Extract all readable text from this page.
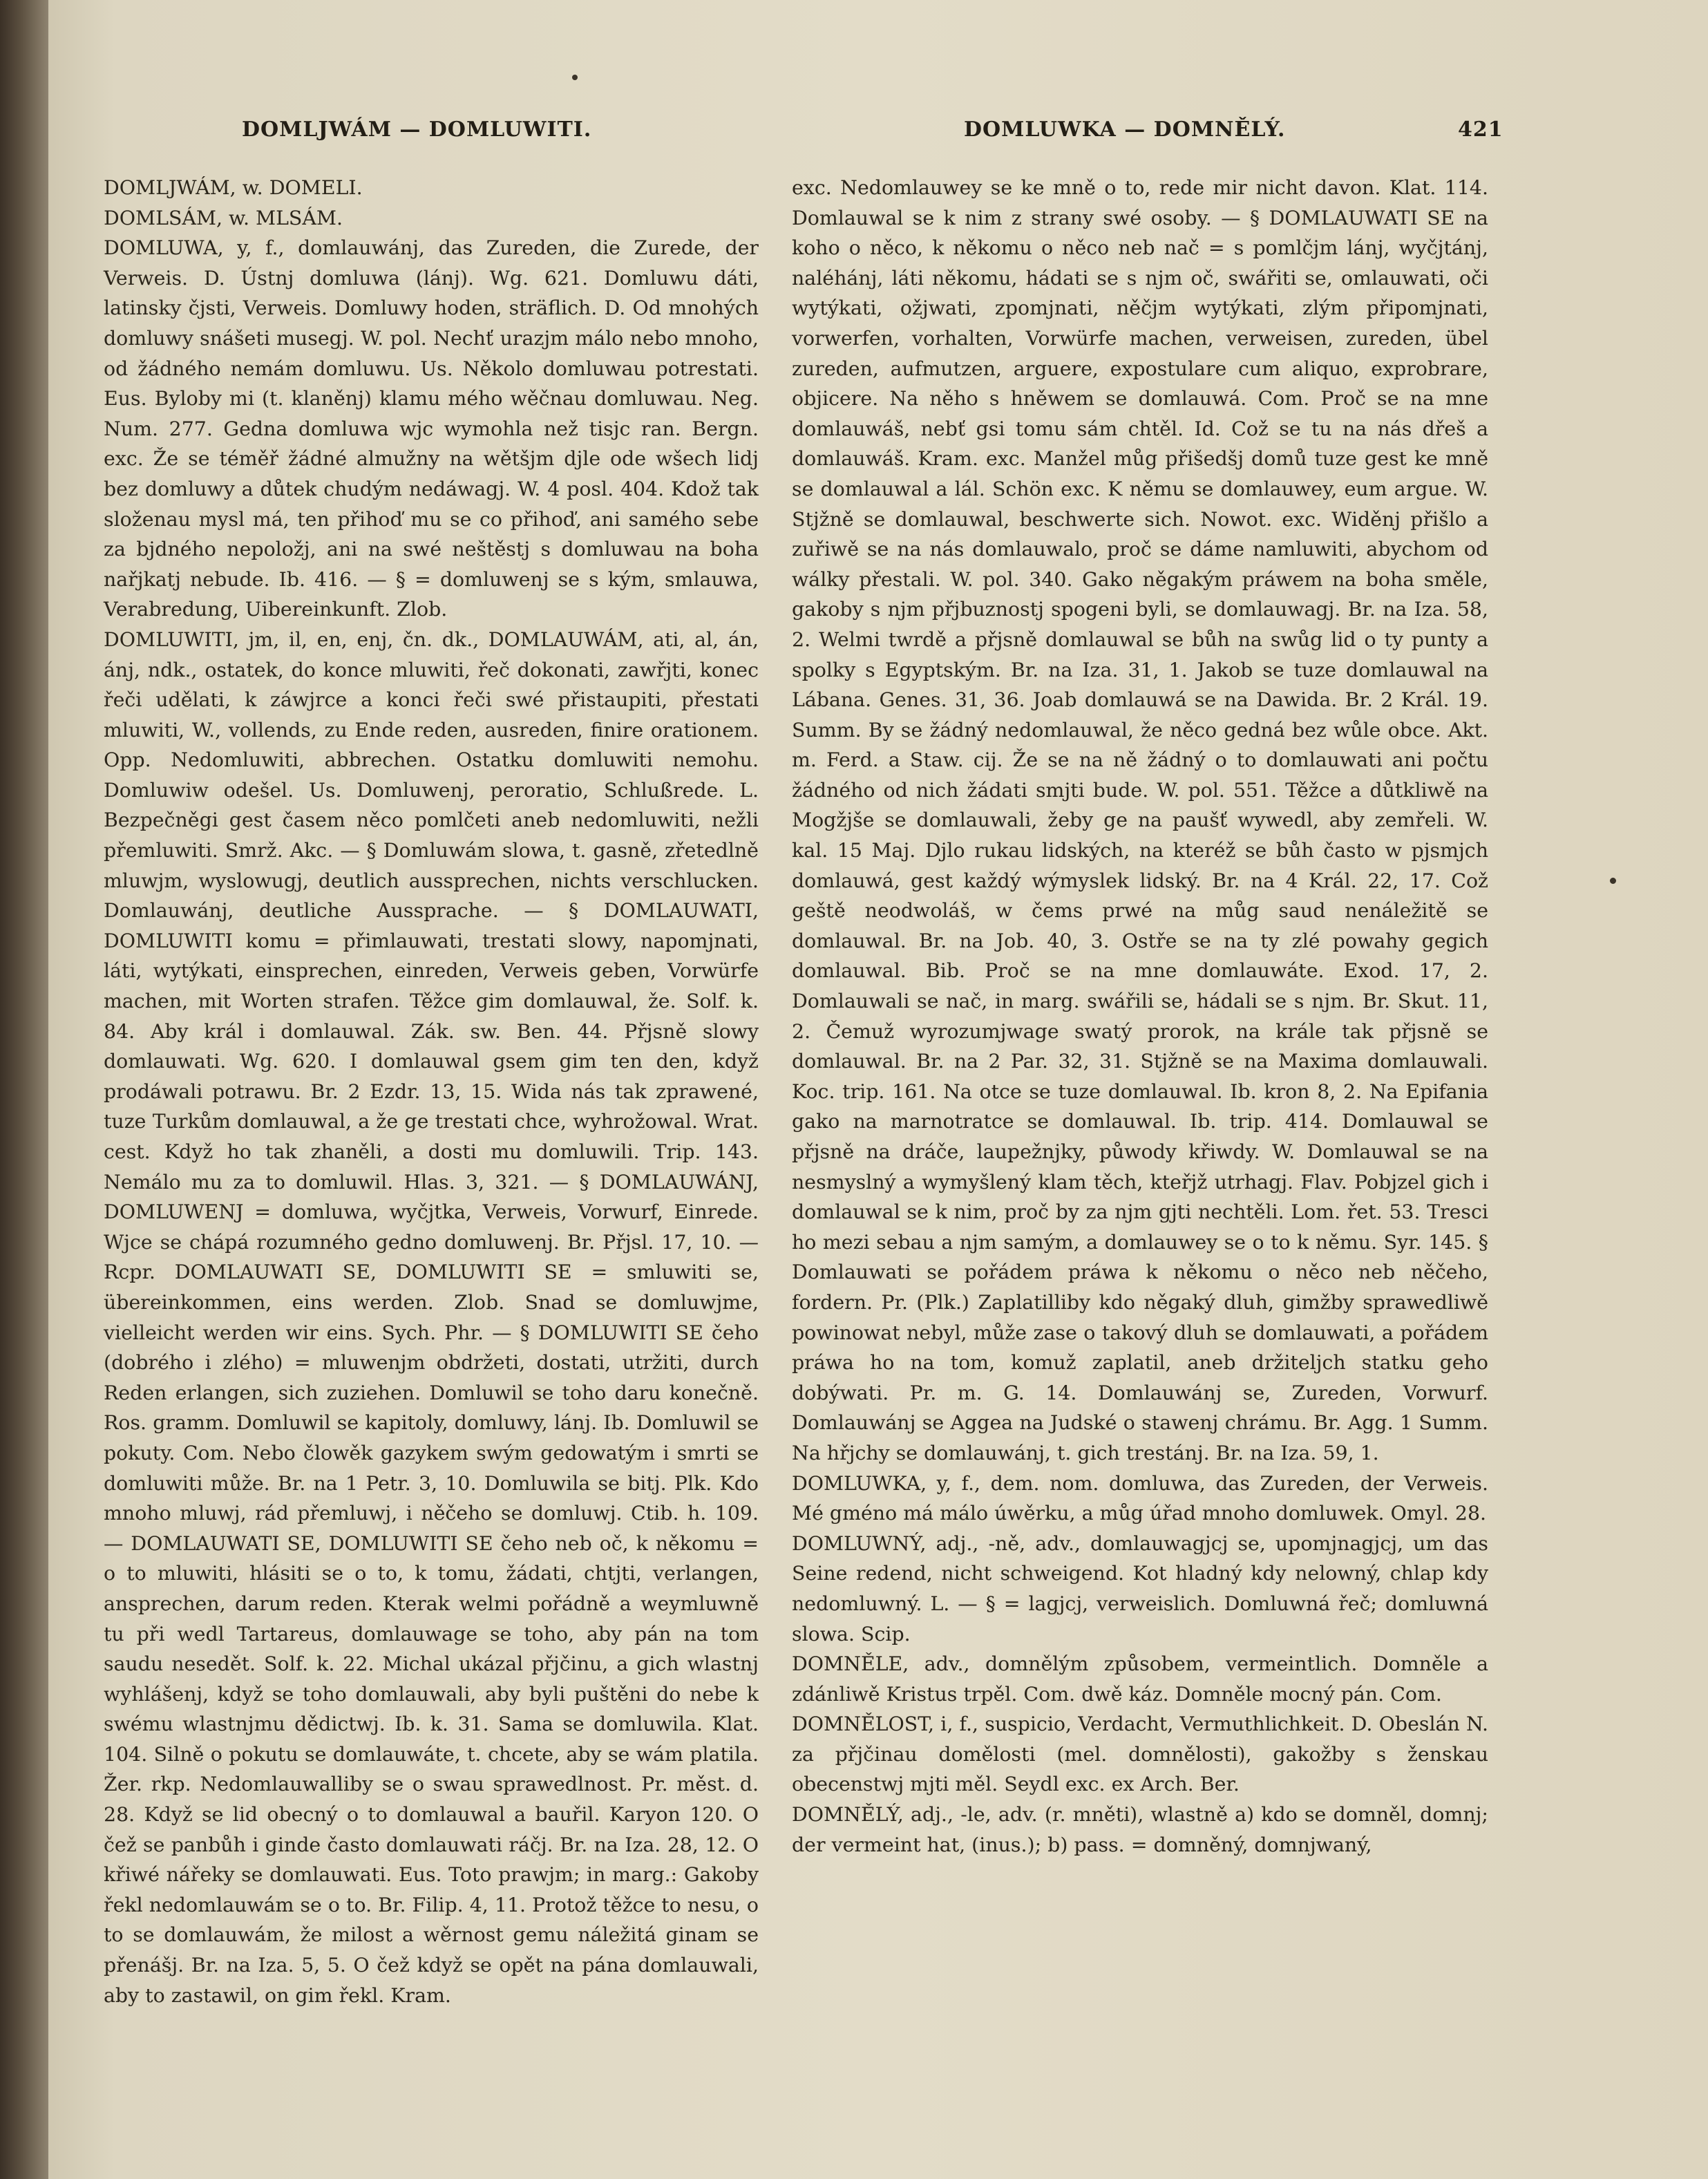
DOMLJWÁM — DOMLUWITI.	DOMLUWKA — DOMNĚLÝ.	421

DOMLJWÁM, w. DOMELI.

DOMLSÁM, w. MLSÁM.

DOMLUWA, y, f., domlauwánj, das Zureden, die Zurede, der Verweis. D. Ústnj domluwa (lánj). Wg. 621. Domluwu dáti, latinsky čjsti, Verweis. Domluwy hoden, sträflich. D. Od mnohých domluwy snášeti musegj. W. pol. Nechť urazjm málo nebo mnoho, od žádného nemám domluwu. Us. Několo domluwau potrestati. Eus. Byloby mi (t. klaněnj) klamu mého wěčnau domluwau. Neg. Num. 277. Gedna domluwa wjc wymohla než tisjc ran. Bergn. exc. Že se téměř žádné almužny na wětšjm djle ode wšech lidj bez domluwy a důtek chudým nedáwagj. W. 4 posl. 404. Kdož tak složenau mysl má, ten přihoď mu se co přihoď, ani samého sebe za bjdného nepoložj, ani na swé neštěstj s domluwau na boha nařjkatj nebude. Ib. 416. — § = domluwenj se s kým, smlauwa, Verabredung, Uibereinkunft. Zlob.

DOMLUWITI, jm, il, en, enj, čn. dk., DOMLAUWÁM, ati, al, án, ánj, ndk., ostatek, do konce mluwiti, řeč dokonati, zawřjti, konec řeči udělati, k záwjrce a konci řeči swé přistaupiti, přestati mluwiti, W., vollends, zu Ende reden, ausreden, finire orationem. Opp. Nedomluwiti, abbrechen. Ostatku domluwiti nemohu. Domluwiw odešel. Us. Domluwenj, peroratio, Schlußrede. L. Bezpečněgi gest časem něco pomlčeti aneb nedomluwiti, nežli přemluwiti. Smrž. Akc. — § Domluwám slowa, t. gasně, zřetedlně mluwjm, wyslowugj, deutlich aussprechen, nichts verschlucken. Domlauwánj, deutliche Aussprache. — § DOMLAUWATI, DOMLUWITI komu = přimlauwati, trestati slowy, napomjnati, láti, wytýkati, einsprechen, einreden, Verweis geben, Vorwürfe machen, mit Worten strafen. Těžce gim domlauwal, že. Solf. k. 84. Aby král i domlauwal. Zák. sw. Ben. 44. Přjsně slowy domlauwati. Wg. 620. I domlauwal gsem gim ten den, když prodáwali potrawu. Br. 2 Ezdr. 13, 15. Wida nás tak zprawené, tuze Turkům domlauwal, a že ge trestati chce, wyhrožowal. Wrat. cest. Když ho tak zhaněli, a dosti mu domluwili. Trip. 143. Nemálo mu za to domluwil. Hlas. 3, 321. — § DOMLAUWÁNJ, DOMLUWENJ = domluwa, wyčjtka, Verweis, Vorwurf, Einrede. Wjce se chápá rozumného gedno domluwenj. Br. Přjsl. 17, 10. — Rcpr. DOMLAUWATI SE, DOMLUWITI SE = smluwiti se, übereinkommen, eins werden. Zlob. Snad se domluwjme, vielleicht werden wir eins. Sych. Phr. — § DOMLUWITI SE čeho (dobrého i zlého) = mluwenjm obdržeti, dostati, utržiti, durch Reden erlangen, sich zuziehen. Domluwil se toho daru konečně. Ros. gramm. Domluwil se kapitoly, domluwy, lánj. Ib. Domluwil se pokuty. Com. Nebo člowěk gazykem swým gedowatým i smrti se domluwiti může. Br. na 1 Petr. 3, 10. Domluwila se bitj. Plk. Kdo mnoho mluwj, rád přemluwj, i něčeho se domluwj. Ctib. h. 109. — DOMLAUWATI SE, DOMLUWITI SE čeho neb oč, k někomu = o to mluwiti, hlásiti se o to, k tomu, žádati, chtjti, verlangen, ansprechen, darum reden. Kterak welmi pořádně a weymluwně tu při wedl Tartareus, domlauwage se toho, aby pán na tom saudu nesedět. Solf. k. 22. Michal ukázal přjčinu, a gich wlastnj wyhlášenj, když se toho domlauwali, aby byli puštěni do nebe k swému wlastnjmu dědictwj. Ib. k. 31. Sama se domluwila. Klat. 104. Silně o pokutu se domlauwáte, t. chcete, aby se wám platila. Žer. rkp. Nedomlauwalliby se o swau sprawedlnost. Pr. měst. d. 28. Když se lid obecný o to domlauwal a bauřil. Karyon 120. O čež se panbůh i ginde často domlauwati ráčj. Br. na Iza. 28, 12. O křiwé nářeky se domlauwati. Eus. Toto prawjm; in marg.: Gakoby řekl nedomlauwám se o to. Br. Filip. 4, 11. Protož těžce to nesu, o to se domlauwám, že milost a wěrnost gemu náležitá ginam se přenášj. Br. na Iza. 5, 5. O čež když se opět na pána domlauwali, aby to zastawil, on gim řekl. Kram.

exc. Nedomlauwey se ke mně o to, rede mir nicht davon. Klat. 114. Domlauwal se k nim z strany swé osoby. — § DOMLAUWATI SE na koho o něco, k někomu o něco neb nač = s pomlčjm lánj, wyčjtánj, naléhánj, láti někomu, hádati se s njm oč, swářiti se, omlauwati, oči wytýkati, ožjwati, zpomjnati, něčjm wytýkati, zlým připomjnati, vorwerfen, vorhalten, Vorwürfe machen, verweisen, zureden, übel zureden, aufmutzen, arguere, expostulare cum aliquo, exprobrare, objicere. Na něho s hněwem se domlauwá. Com. Proč se na mne domlauwáš, nebť gsi tomu sám chtěl. Id. Což se tu na nás dřeš a domlauwáš. Kram. exc. Manžel můg přišedšj domů tuze gest ke mně se domlauwal a lál. Schön exc. K němu se domlauwey, eum argue. W. Stjžně se domlauwal, beschwerte sich. Nowot. exc. Widěnj přišlo a zuřiwě se na nás domlauwalo, proč se dáme namluwiti, abychom od wálky přestali. W. pol. 340. Gako něgakým práwem na boha směle, gakoby s njm přjbuznostj spogeni byli, se domlauwagj. Br. na Iza. 58, 2. Welmi twrdě a přjsně domlauwal se bůh na swůg lid o ty punty a spolky s Egyptským. Br. na Iza. 31, 1. Jakob se tuze domlauwal na Lábana. Genes. 31, 36. Joab domlauwá se na Dawida. Br. 2 Král. 19. Summ. By se žádný nedomlauwal, že něco gedná bez wůle obce. Akt. m. Ferd. a Staw. cij. Že se na ně žádný o to domlauwati ani počtu žádného od nich žádati smjti bude. W. pol. 551. Těžce a důtkliwě na Mogžjše se domlauwali, žeby ge na paušť wywedl, aby zemřeli. W. kal. 15 Maj. Djlo rukau lidských, na kteréž se bůh často w pjsmjch domlauwá, gest každý wýmyslek lidský. Br. na 4 Král. 22, 17. Což geště neodwoláš, w čems prwé na můg saud nenáležitě se domlauwal. Br. na Job. 40, 3. Ostře se na ty zlé powahy gegich domlauwal. Bib. Proč se na mne domlauwáte. Exod. 17, 2. Domlauwali se nač, in marg. swářili se, hádali se s njm. Br. Skut. 11, 2. Čemuž wyrozumjwage swatý prorok, na krále tak přjsně se domlauwal. Br. na 2 Par. 32, 31. Stjžně se na Maxima domlauwali. Koc. trip. 161. Na otce se tuze domlauwal. Ib. kron 8, 2. Na Epifania gako na marnotratce se domlauwal. Ib. trip. 414. Domlauwal se přjsně na dráče, laupežnjky, půwody křiwdy. W. Domlauwal se na nesmyslný a wymyšlený klam těch, kteřjž utrhagj. Flav. Pobjzel gich i domlauwal se k nim, proč by za njm gjti nechtěli. Lom. řet. 53. Tresci ho mezi sebau a njm samým, a domlauwey se o to k němu. Syr. 145. § Domlauwati se pořádem práwa k někomu o něco neb něčeho, fordern. Pr. (Plk.) Zaplatilliby kdo něgaký dluh, gimžby sprawedliwě powinowat nebyl, může zase o takový dluh se domlauwati, a pořádem práwa ho na tom, komuž zaplatil, aneb držiteljch statku geho dobýwati. Pr. m. G. 14. Domlauwánj se, Zureden, Vorwurf. Domlauwánj se Aggea na Judské o stawenj chrámu. Br. Agg. 1 Summ. Na hřjchy se domlauwánj, t. gich trestánj. Br. na Iza. 59, 1.

DOMLUWKA, y, f., dem. nom. domluwa, das Zureden, der Verweis. Mé gméno má málo úwěrku, a můg úřad mnoho domluwek. Omyl. 28.

DOMLUWNÝ, adj., -ně, adv., domlauwagjcj se, upomjnagjcj, um das Seine redend, nicht schweigend. Kot hladný kdy nelowný, chlap kdy nedomluwný. L. — § = lagjcj, verweislich. Domluwná řeč; domluwná slowa. Scip.

DOMNĚLE, adv., domnělým způsobem, vermeintlich. Domněle a zdánliwě Kristus trpěl. Com. dwě káz. Domněle mocný pán. Com.

DOMNĚLOST, i, f., suspicio, Verdacht, Vermuthlichkeit. D. Obeslán N. za přjčinau domělosti (mel. domnělosti), gakožby s ženskau obecenstwj mjti měl. Seydl exc. ex Arch. Ber.

DOMNĚLÝ, adj., -le, adv. (r. mněti), wlastně a) kdo se domněl, domnj; der vermeint hat, (inus.); b) pass. = domněný, domnjwaný,
